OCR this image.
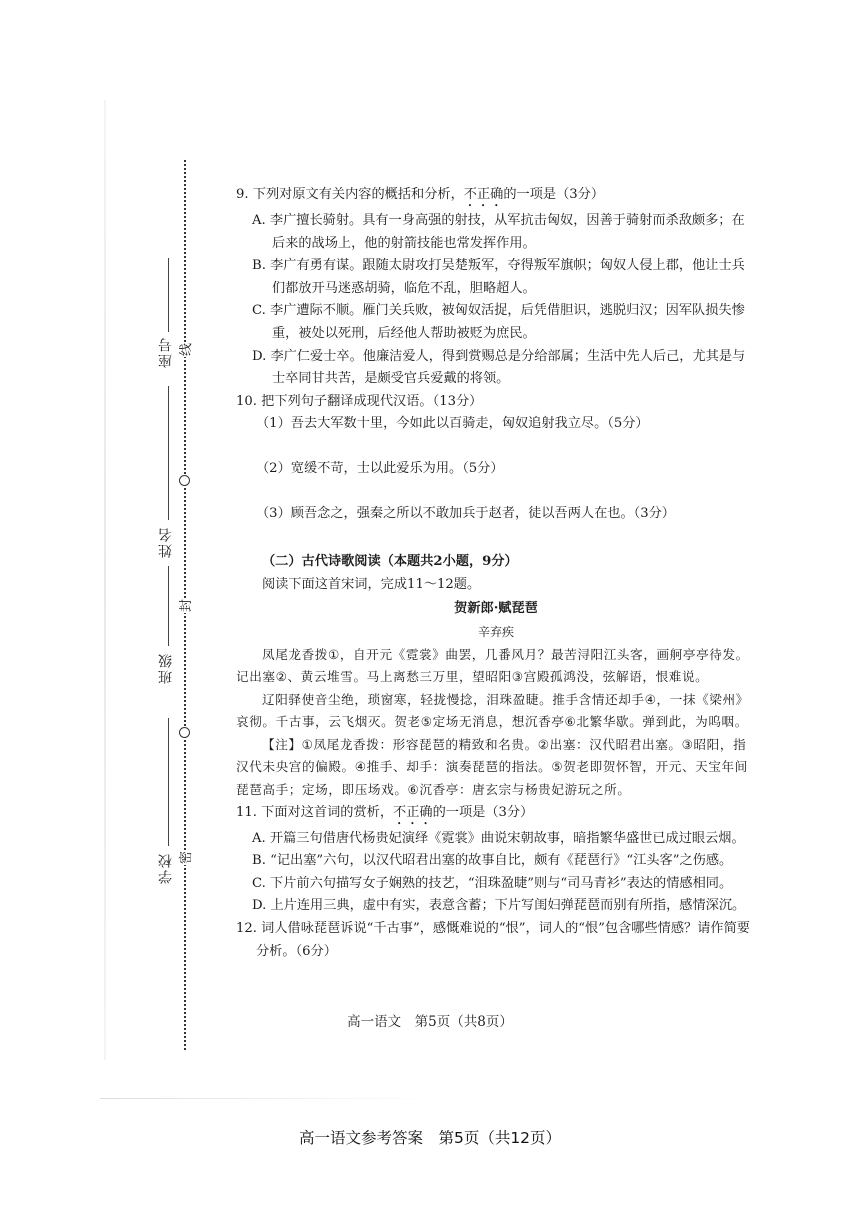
座号
姓名
班级
学校
线
封
密

9. 下列对原文有关内容的概括和分析，不正确的一项是（3分）

A. 李广擅长骑射。具有一身高强的射技，从军抗击匈奴，因善于骑射而杀敌颇多；在后来的战场上，他的射箭技能也常发挥作用。

B. 李广有勇有谋。跟随太尉攻打吴楚叛军，夺得叛军旗帜；匈奴人侵上郡，他让士兵们都放开马迷惑胡骑，临危不乱，胆略超人。

C. 李广遭际不顺。雁门关兵败，被匈奴活捉，后凭借胆识，逃脱归汉；因军队损失惨重，被处以死刑，后经他人帮助被贬为庶民。

D. 李广仁爱士卒。他廉洁爱人，得到赏赐总是分给部属；生活中先人后己，尤其是与士卒同甘共苦，是颇受官兵爱戴的将领。

10. 把下列句子翻译成现代汉语。（13分）

（1）吾去大军数十里，今如此以百骑走，匈奴追射我立尽。（5分）

（2）宽缓不苛，士以此爱乐为用。（5分）

（3）顾吾念之，强秦之所以不敢加兵于赵者，徒以吾两人在也。（3分）

（二）古代诗歌阅读（本题共2小题，9分）

阅读下面这首宋词，完成11～12题。

贺新郎·赋琵琶
辛弃疾

凤尾龙香拨①，自开元《霓裳》曲罢，几番风月？最苦浔阳江头客，画舸亭亭待发。记出塞②、黄云堆雪。马上离愁三万里，望昭阳③宫殿孤鸿没，弦解语，恨难说。

辽阳驿使音尘绝，琐窗寒，轻拢慢捻，泪珠盈睫。推手含情还却手④，一抹《梁州》哀彻。千古事，云飞烟灭。贺老⑤定场无消息，想沉香亭⑥北繁华歇。弹到此，为呜咽。

【注】①凤尾龙香拨：形容琵琶的精致和名贵。②出塞：汉代昭君出塞。③昭阳，指汉代未央宫的偏殿。④推手、却手：演奏琵琶的指法。⑤贺老即贺怀智，开元、天宝年间琵琶高手；定场，即压场戏。⑥沉香亭：唐玄宗与杨贵妃游玩之所。

11. 下面对这首词的赏析，不正确的一项是（3分）

A. 开篇三句借唐代杨贵妃演绎《霓裳》曲说宋朝故事，暗指繁华盛世已成过眼云烟。

B. “记出塞”六句，以汉代昭君出塞的故事自比，颇有《琵琶行》“江头客”之伤感。

C. 下片前六句描写女子娴熟的技艺，“泪珠盈睫”则与“司马青衫”表达的情感相同。

D. 上片连用三典，虚中有实，表意含蓄；下片写闺妇弹琵琶而别有所指，感情深沉。

12. 词人借咏琵琶诉说“千古事”，感慨难说的“恨”，词人的“恨”包含哪些情感？请作简要分析。（6分）

高一语文　第5页（共8页）
高一语文参考答案　第5页（共12页）
